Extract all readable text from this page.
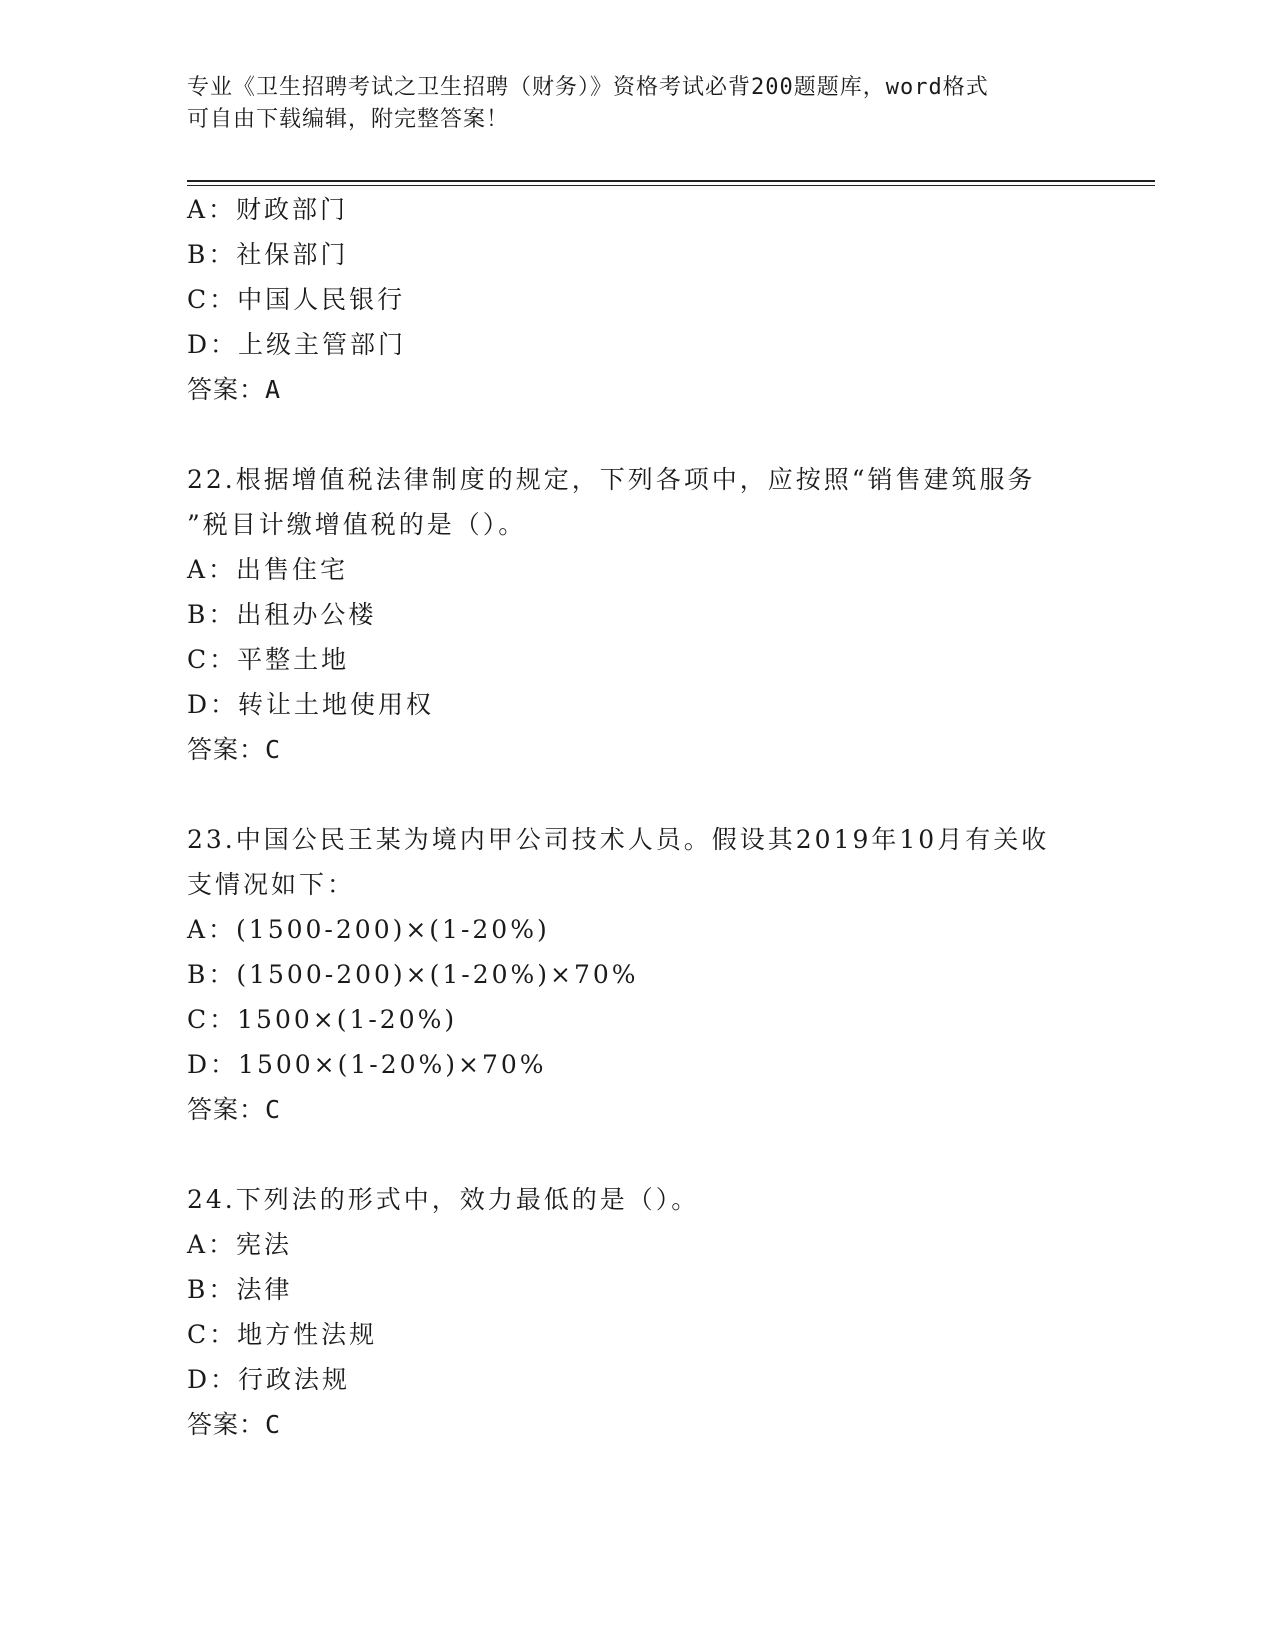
专业《卫生招聘考试之卫生招聘（财务）》资格考试必背200题题库，word格式
可自由下载编辑，附完整答案！
A：财政部门
B：社保部门
C：中国人民银行
D：上级主管部门
答案：A
22.根据增值税法律制度的规定，下列各项中，应按照“销售建筑服务
”税目计缴增值税的是（）。
A：出售住宅
B：出租办公楼
C：平整土地
D：转让土地使用权
答案：C
23.中国公民王某为境内甲公司技术人员。假设其2019年10月有关收
支情况如下：
A：(1500-200)×(1-20%)
B：(1500-200)×(1-20%)×70%
C：1500×(1-20%)
D：1500×(1-20%)×70%
答案：C
24.下列法的形式中，效力最低的是（）。
A：宪法
B：法律
C：地方性法规
D：行政法规
答案：C
